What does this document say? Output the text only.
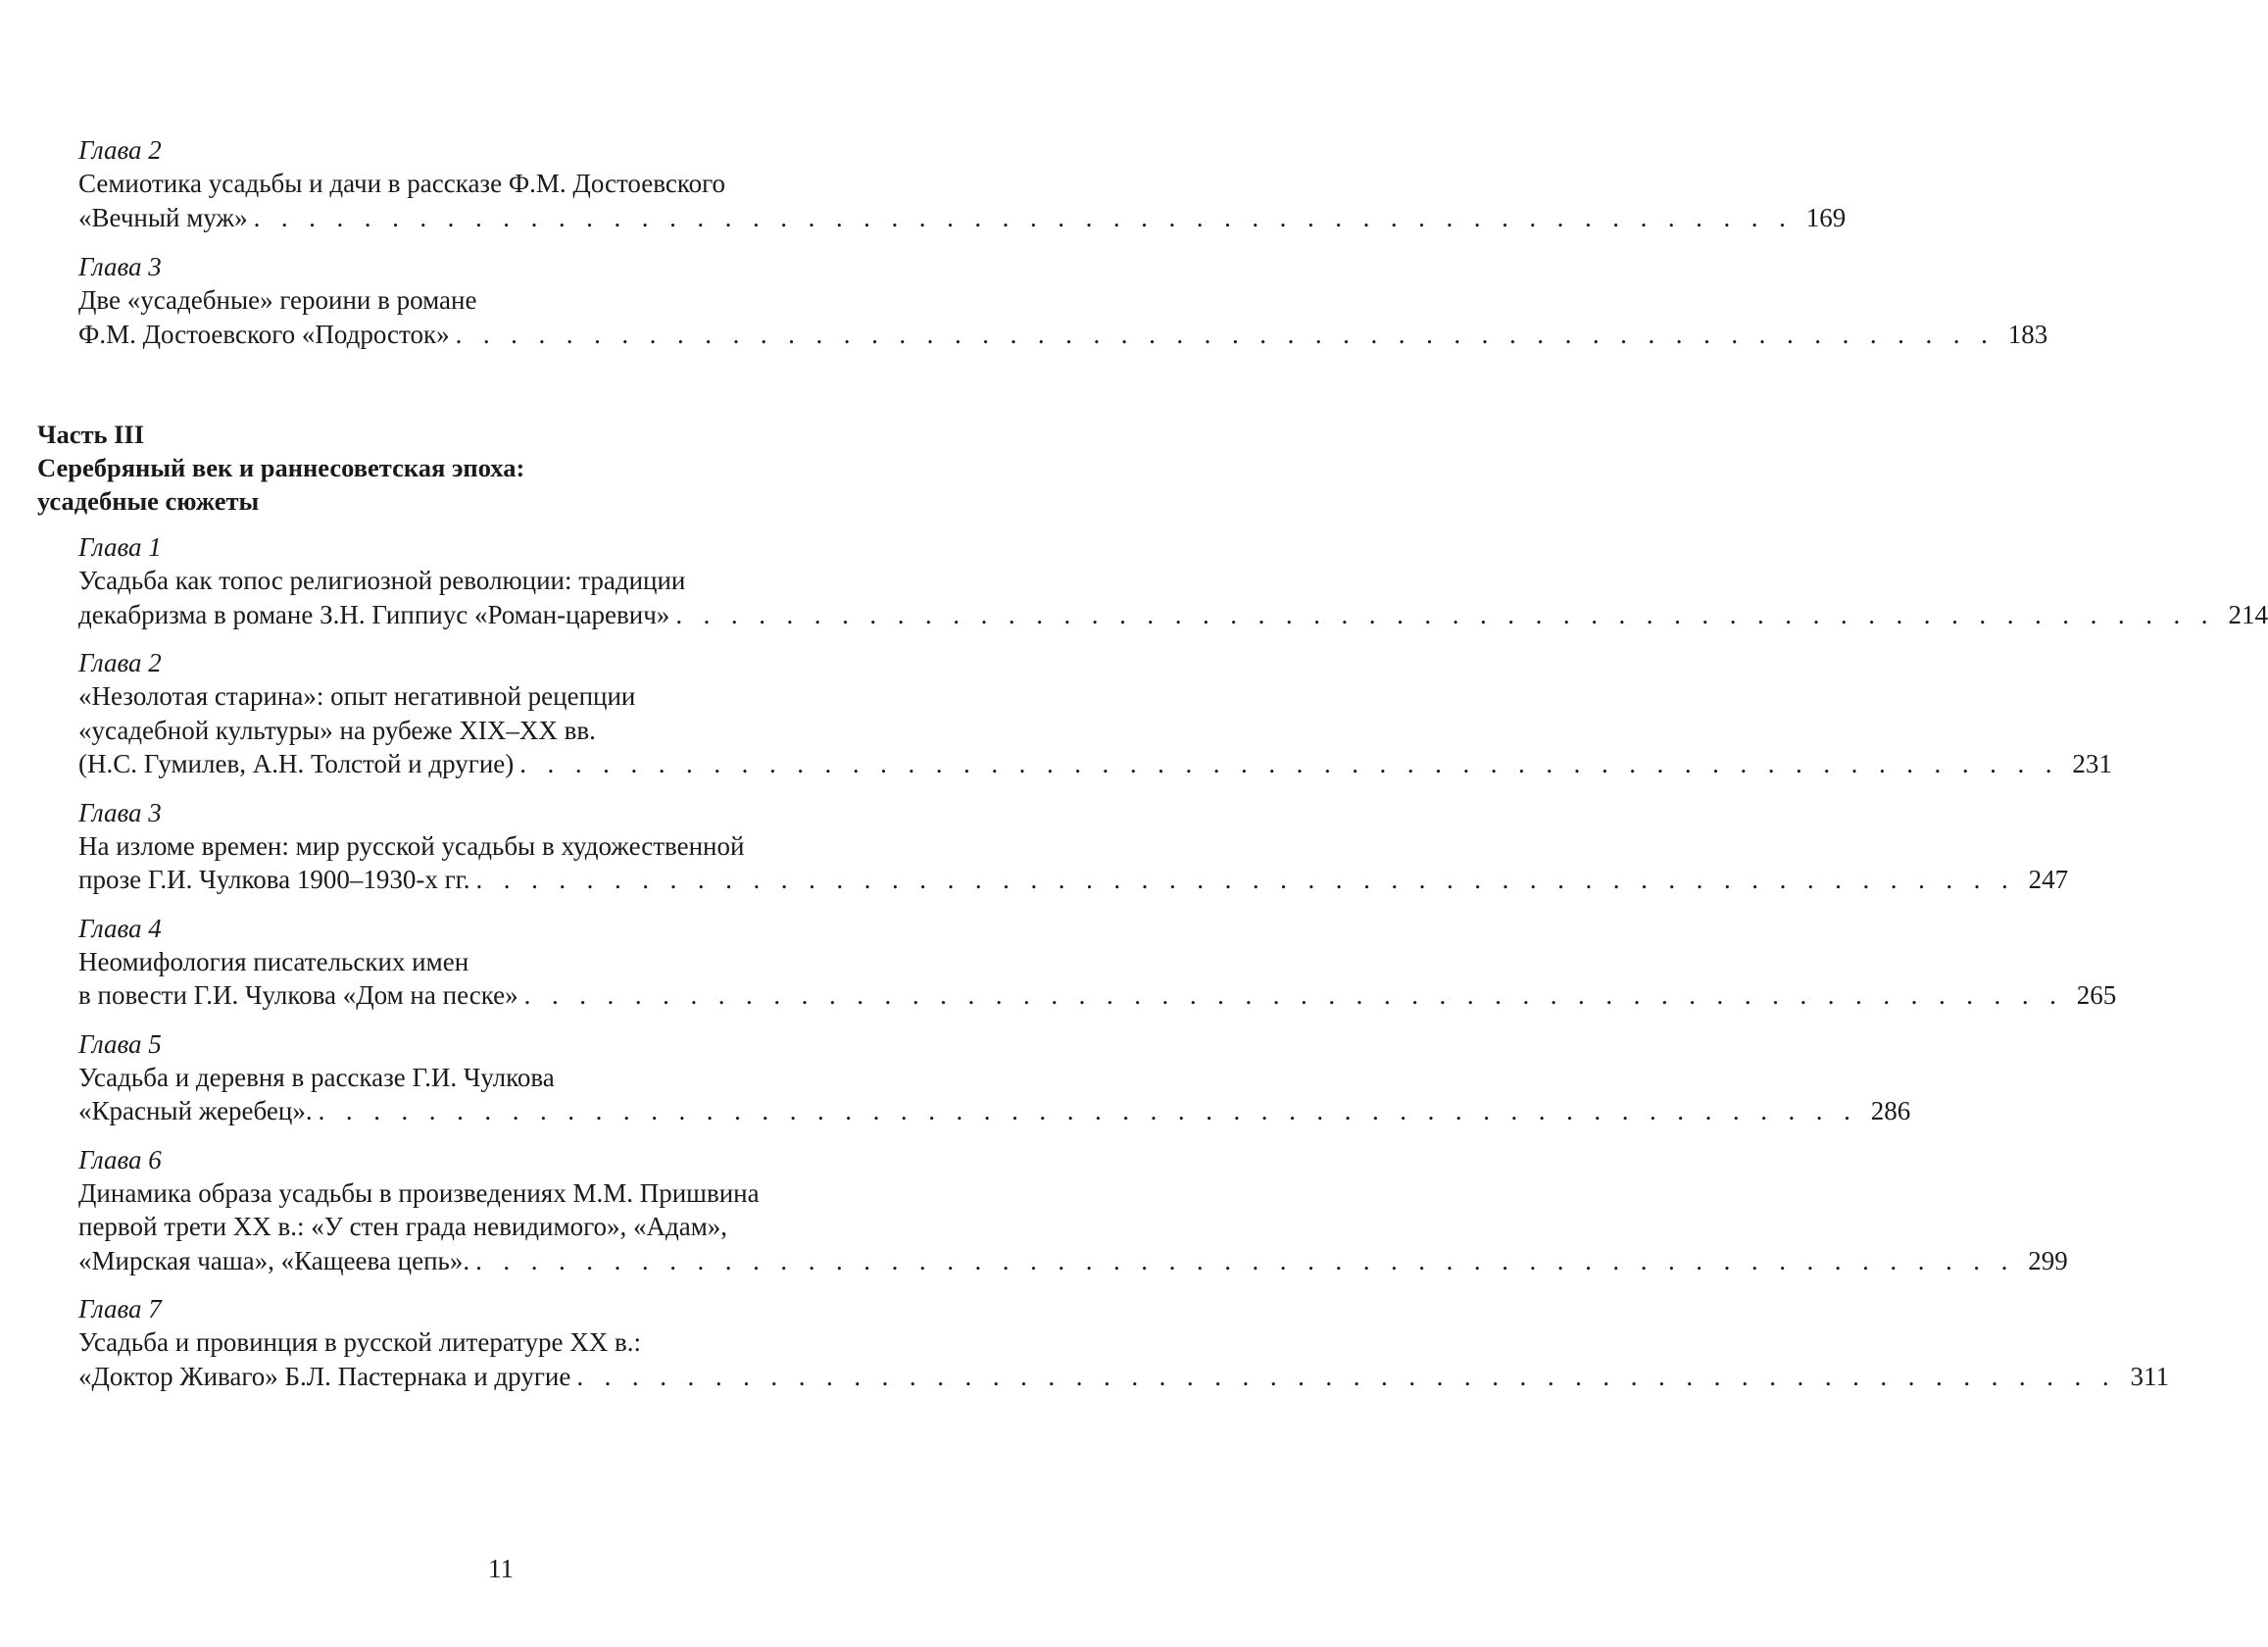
Глава 2
Семиотика усадьбы и дачи в рассказе Ф.М. Достоевского
«Вечный муж» . . . . . . . . . . . . . . . . . . . . . . . . . . . . . . . . . . . . . . . . . . . . . . . . . . . . . . . . 169
Глава 3
Две «усадебные» героини в романе
Ф.М. Достоевского «Подросток» . . . . . . . . . . . . . . . . . . . . . . . . . . . . . . . . . . . . . . . . . . . . . . . . . . . . . . . . 183
Часть III
Серебряный век и раннесоветская эпоха:
усадебные сюжеты
Глава 1
Усадьба как топос религиозной революции: традиции
декабризма в романе З.Н. Гиппиус «Роман-царевич» . . . . . . . . . . . . . . . . . . . . . . . . . . . . . . . . . . . . . . . . . . . . . . . . . . . . . . . . 214
Глава 2
«Незолотая старина»: опыт негативной рецепции
«усадебной культуры» на рубеже XIX–XX вв.
(Н.С. Гумилев, А.Н. Толстой и другие) . . . . . . . . . . . . . . . . . . . . . . . . . . . . . . . . . . . . . . . . . . . . . . . . . . . . . . . . 231
Глава 3
На изломе времен: мир русской усадьбы в художественной
прозе Г.И. Чулкова 1900–1930-х гг. . . . . . . . . . . . . . . . . . . . . . . . . . . . . . . . . . . . . . . . . . . . . . . . . . . . . . . . . 247
Глава 4
Неомифология писательских имен
в повести Г.И. Чулкова «Дом на песке» . . . . . . . . . . . . . . . . . . . . . . . . . . . . . . . . . . . . . . . . . . . . . . . . . . . . . . . . 265
Глава 5
Усадьба и деревня в рассказе Г.И. Чулкова
«Красный жеребец». . . . . . . . . . . . . . . . . . . . . . . . . . . . . . . . . . . . . . . . . . . . . . . . . . . . . . . . . 286
Глава 6
Динамика образа усадьбы в произведениях М.М. Пришвина
первой трети XX в.: «У стен града невидимого», «Адам»,
«Мирская чаша», «Кащеева цепь». . . . . . . . . . . . . . . . . . . . . . . . . . . . . . . . . . . . . . . . . . . . . . . . . . . . . . . . . 299
Глава 7
Усадьба и провинция в русской литературе XX в.:
«Доктор Живаго» Б.Л. Пастернака и другие . . . . . . . . . . . . . . . . . . . . . . . . . . . . . . . . . . . . . . . . . . . . . . . . . . . . . . . . 311
11
